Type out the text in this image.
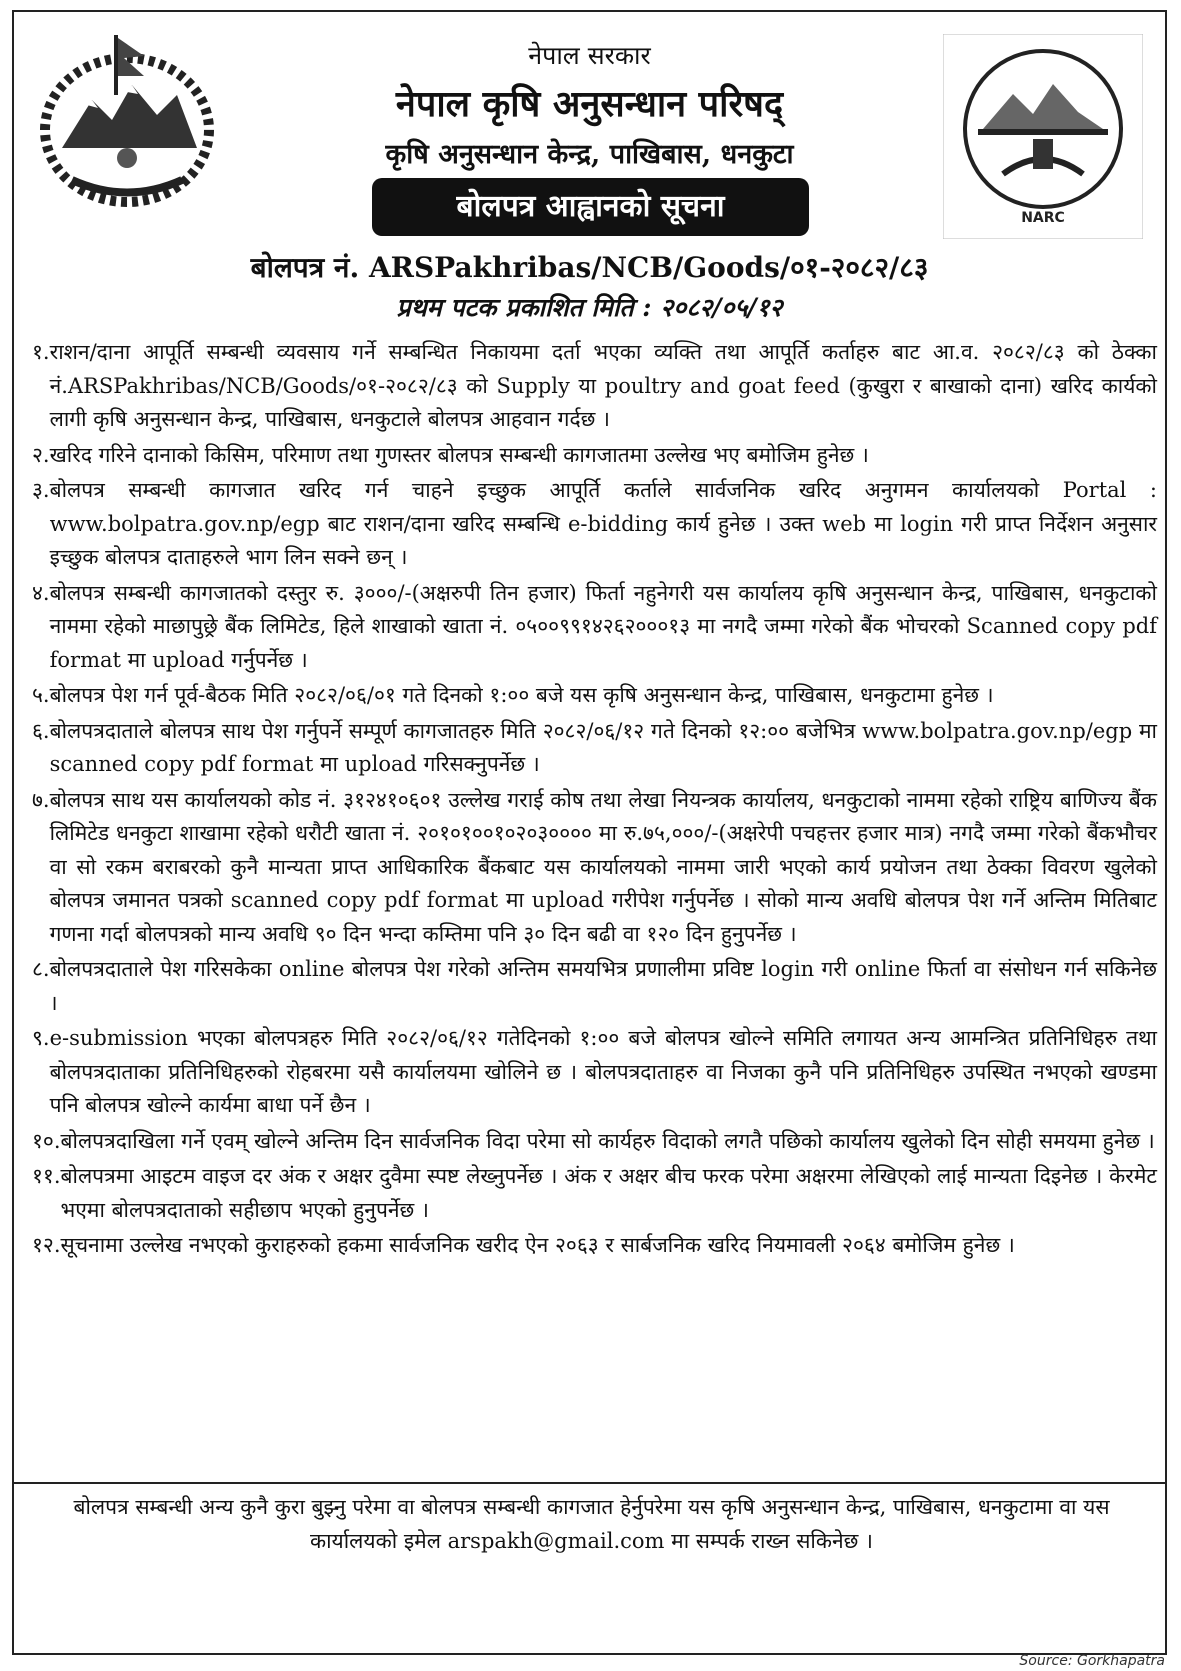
नेपाल सरकार
नेपाल कृषि अनुसन्धान परिषद्
कृषि अनुसन्धान केन्द्र, पाखिबास, धनकुटा
बोलपत्र आह्वानको सूचना
बोलपत्र नं. ARSPakhribas/NCB/Goods/०१-२०८२/८३
प्रथम पटक प्रकाशित मिति : २०८२/०५/१२
NARC
१. राशन/दाना आपूर्ति सम्बन्धी व्यवसाय गर्ने सम्बन्धित निकायमा दर्ता भएका व्यक्ति तथा आपूर्ति कर्ताहरु बाट आ.व. २०८२/८३ को ठेक्का नं.ARSPakhribas/NCB/Goods/०१-२०८२/८३ को Supply या poultry and goat feed (कुखुरा र बाखाको दाना) खरिद कार्यको लागी कृषि अनुसन्धान केन्द्र, पाखिबास, धनकुटाले बोलपत्र आहवान गर्दछ ।
२. खरिद गरिने दानाको किसिम, परिमाण तथा गुणस्तर बोलपत्र सम्बन्धी कागजातमा उल्लेख भए बमोजिम हुनेछ ।
३. बोलपत्र सम्बन्धी कागजात खरिद गर्न चाहने इच्छुक आपूर्ति कर्ताले सार्वजनिक खरिद अनुगमन कार्यालयको Portal : www.bolpatra.gov.np/egp बाट राशन/दाना खरिद सम्बन्धि e-bidding कार्य हुनेछ । उक्त web मा login गरी प्राप्त निर्देशन अनुसार इच्छुक बोलपत्र दाताहरुले भाग लिन सक्ने छन् ।
४. बोलपत्र सम्बन्धी कागजातको दस्तुर रु. ३०००/-(अक्षरुपी तिन हजार) फिर्ता नहुनेगरी यस कार्यालय कृषि अनुसन्धान केन्द्र, पाखिबास, धनकुटाको नाममा रहेको माछापुछ्रे बैंक लिमिटेड, हिले शाखाको खाता नं. ०५००९९१४२६२०००१३ मा नगदै जम्मा गरेको बैंक भोचरको Scanned copy pdf format मा upload गर्नुपर्नेछ ।
५. बोलपत्र पेश गर्न पूर्व-बैठक मिति २०८२/०६/०१ गते दिनको १:०० बजे यस कृषि अनुसन्धान केन्द्र, पाखिबास, धनकुटामा हुनेछ ।
६. बोलपत्रदाताले बोलपत्र साथ पेश गर्नुपर्ने सम्पूर्ण कागजातहरु मिति २०८२/०६/१२ गते दिनको १२:०० बजेभित्र www.bolpatra.gov.np/egp मा scanned copy pdf format मा upload गरिसक्नुपर्नेछ ।
७. बोलपत्र साथ यस कार्यालयको कोड नं. ३१२४१०६०१ उल्लेख गराई कोष तथा लेखा नियन्त्रक कार्यालय, धनकुटाको नाममा रहेको राष्ट्रिय बाणिज्य बैंक लिमिटेड धनकुटा शाखामा रहेको धरौटी खाता नं. २०१०१००१०२०३०००० मा रु.७५,०००/-(अक्षरेपी पचहत्तर हजार मात्र) नगदै जम्मा गरेको बैंकभौचर वा सो रकम बराबरको कुनै मान्यता प्राप्त आधिकारिक बैंकबाट यस कार्यालयको नाममा जारी भएको कार्य प्रयोजन तथा ठेक्का विवरण खुलेको बोलपत्र जमानत पत्रको scanned copy pdf format मा upload गरीपेश गर्नुपर्नेछ । सोको मान्य अवधि बोलपत्र पेश गर्ने अन्तिम मितिबाट गणना गर्दा बोलपत्रको मान्य अवधि ९० दिन भन्दा कम्तिमा पनि ३० दिन बढी वा १२० दिन हुनुपर्नेछ ।
८. बोलपत्रदाताले पेश गरिसकेका online बोलपत्र पेश गरेको अन्तिम समयभित्र प्रणालीमा प्रविष्ट login गरी online फिर्ता वा संसोधन गर्न सकिनेछ ।
९. e-submission भएका बोलपत्रहरु मिति २०८२/०६/१२ गतेदिनको १:०० बजे बोलपत्र खोल्ने समिति लगायत अन्य आमन्त्रित प्रतिनिधिहरु तथा बोलपत्रदाताका प्रतिनिधिहरुको रोहबरमा यसै कार्यालयमा खोलिने छ । बोलपत्रदाताहरु वा निजका कुनै पनि प्रतिनिधिहरु उपस्थित नभएको खण्डमा पनि बोलपत्र खोल्ने कार्यमा बाधा पर्ने छैन ।
१०. बोलपत्रदाखिला गर्ने एवम् खोल्ने अन्तिम दिन सार्वजनिक विदा परेमा सो कार्यहरु विदाको लगतै पछिको कार्यालय खुलेको दिन सोही समयमा हुनेछ ।
११. बोलपत्रमा आइटम वाइज दर अंक र अक्षर दुवैमा स्पष्ट लेख्नुपर्नेछ । अंक र अक्षर बीच फरक परेमा अक्षरमा लेखिएको लाई मान्यता दिइनेछ । केरमेट भएमा बोलपत्रदाताको सहीछाप भएको हुनुपर्नेछ ।
१२. सूचनामा उल्लेख नभएको कुराहरुको हकमा सार्वजनिक खरीद ऐन २०६३ र सार्बजनिक खरिद नियमावली २०६४ बमोजिम हुनेछ ।
बोलपत्र सम्बन्धी अन्य कुनै कुरा बुझ्नु परेमा वा बोलपत्र सम्बन्धी कागजात हेर्नुपरेमा यस कृषि अनुसन्धान केन्द्र, पाखिबास, धनकुटामा वा यस कार्यालयको इमेल arspakh@gmail.com मा सम्पर्क राख्न सकिनेछ ।
Source: Gorkhapatra
